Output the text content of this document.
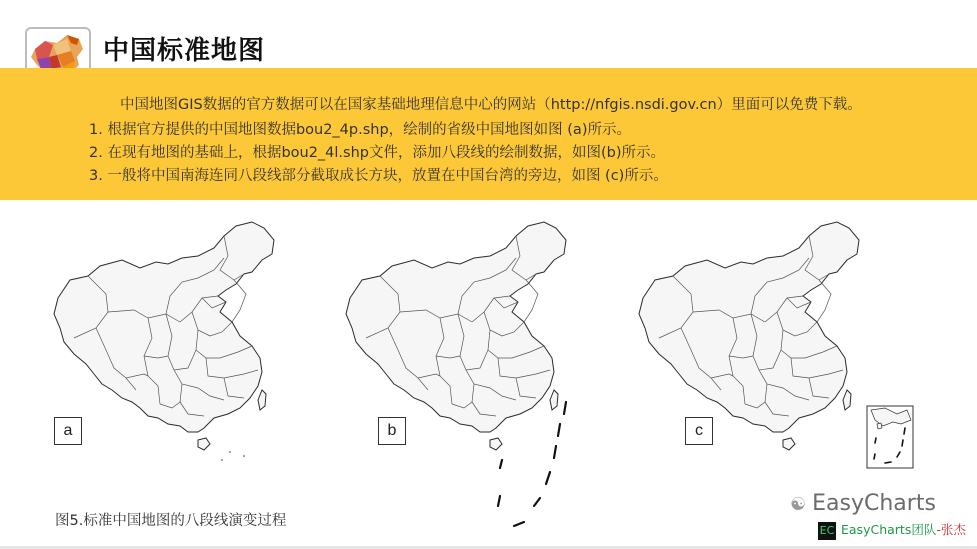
中国标准地图
中国地图GIS数据的官方数据可以在国家基础地理信息中心的网站（http://nfgis.nsdi.gov.cn）里面可以免费下载。
1. 根据官方提供的中国地图数据bou2_4p.shp，绘制的省级中国地图如图 (a)所示。
2. 在现有地图的基础上，根据bou2_4l.shp文件，添加八段线的绘制数据，如图(b)所示。
3. 一般将中国南海连同八段线部分截取成长方块，放置在中国台湾的旁边，如图 (c)所示。
a	b	c
图5.标准中国地图的八段线演变过程
☯ EasyCharts
EC EasyCharts团队-张杰
